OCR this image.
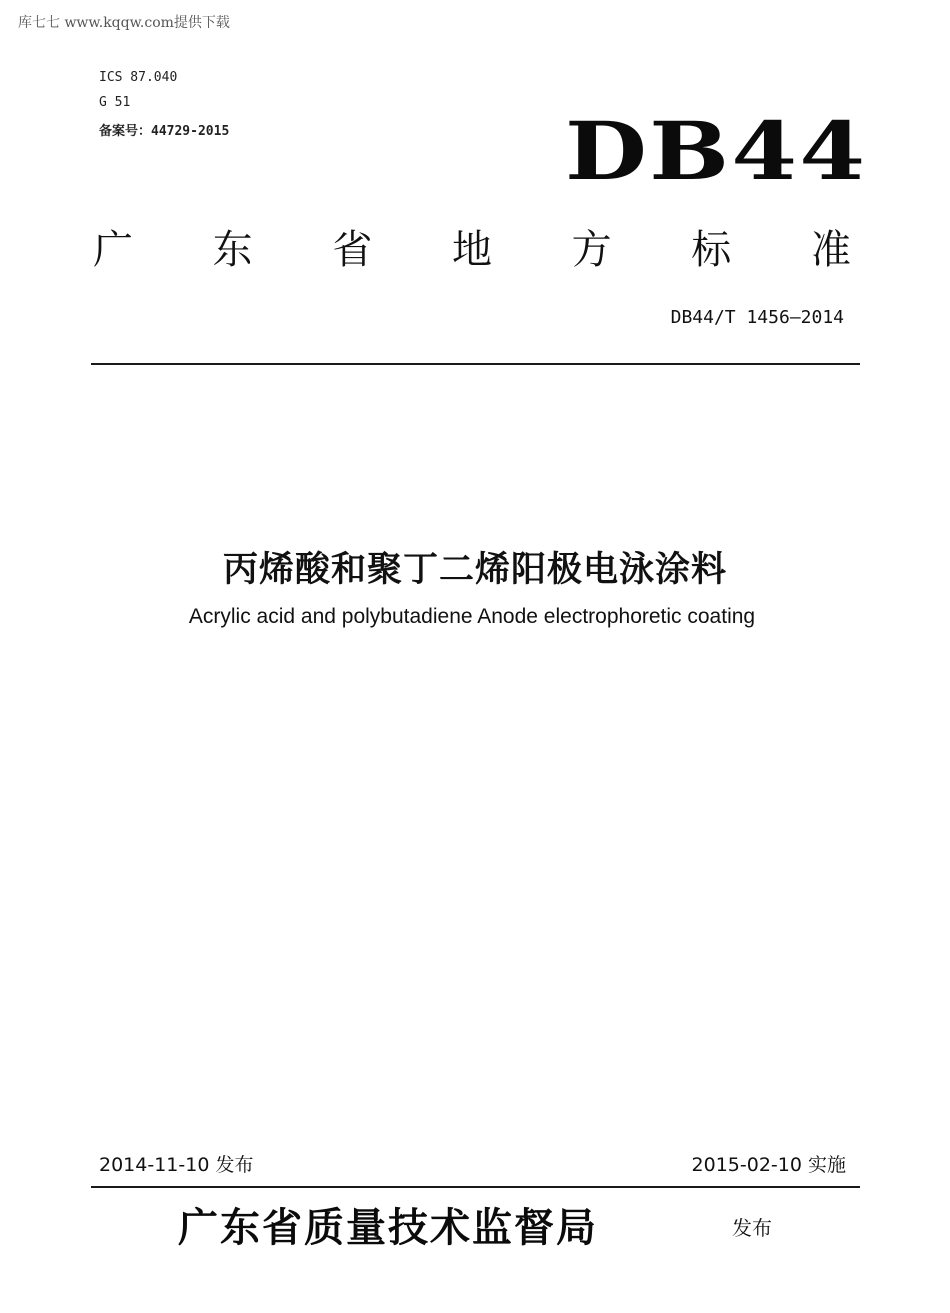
库七七 www.kqqw.com提供下载
ICS 87.040
G 51
备案号：44729-2015	DB44
广 东 省 地 方 标 准
DB44/T 1456—2014
丙烯酸和聚丁二烯阳极电泳涂料
Acrylic acid and polybutadiene Anode electrophoretic coating
2014-11-10 发布	2015-02-10 实施
广东省质量技术监督局	发布
